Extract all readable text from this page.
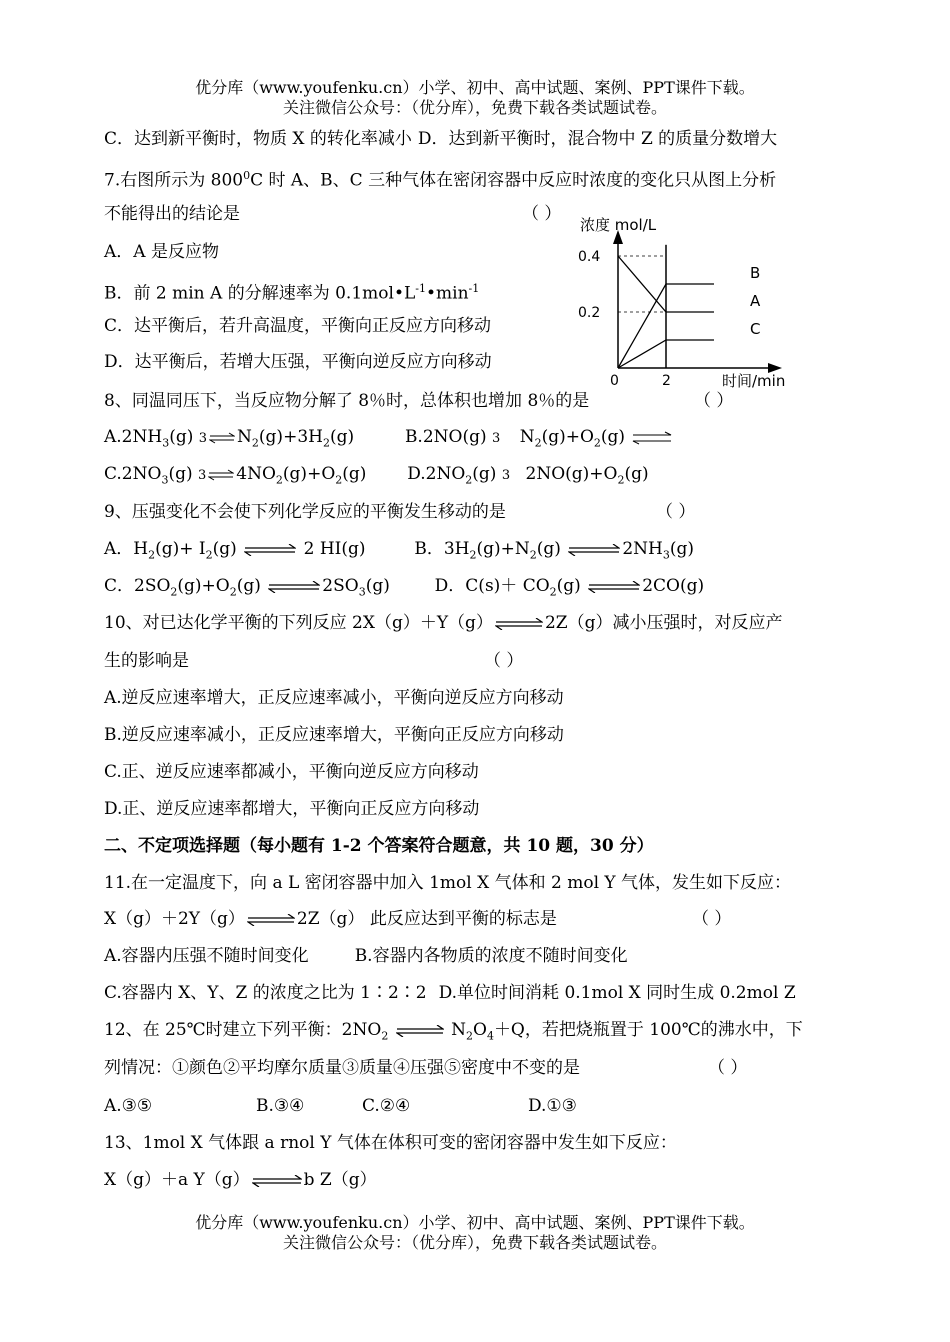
优分库（www.youfenku.cn）小学、初中、高中试题、案例、PPT课件下载。
关注微信公众号：（优分库），免费下载各类试题试卷。
C．达到新平衡时，物质 X 的转化率减小 D．达到新平衡时，混合物中 Z 的质量分数增大
7.右图所示为 $800^0C$ 时 A、B、C 三种气体在密闭容器中反应时浓度的变化只从图上分析
不能得出的结论是	（ ）
A．A 是反应物
B．前 2 min A 的分解速率为 $0.1mol•L^{-1}•\min^{-1}$
C．达平衡后，若升高温度，平衡向正反应方向移动
D．达平衡后，若增大压强，平衡向逆反应方向移动
0.2
0.4
2
0
浓度 mol/L
时间/min
A
B
C
8、同温同压下，当反应物分解了 8％时，总体积也增加 8％的是	（ ）
$A.2NH_3(g)$ 3 ⇌ $N_2(g)+3H_2(g)$	B.2NO(g) 3 $N_2(g)+O_2(g)$ ⇌
$C.2NO_3(g)$ 3 ⇌ $4NO_2(g)+O_2(g)$ $D.2NO_2(g)$ 3 $2NO(g)+O_2(g)$
9、压强变化不会使下列化学反应的平衡发生移动的是	（ ）
A．$H_2(g)+ I_2(g)$ ⇌ 2 HI(g)	B．$3H_2(g)+N_2(g)$ ⇌ $2NH_3(g)$
C．$2SO_2(g)+O_2(g)$ ⇌ $2SO_3(g)$	D．$C(s)+ CO_2(g)$ ⇌ 2CO(g)
10、对已达化学平衡的下列反应 2X（g）＋Y（g） ⇌ 2Z（g）减小压强时，对反应产
生的影响是	（ ）
A.逆反应速率增大，正反应速率减小，平衡向逆反应方向移动
B.逆反应速率减小，正反应速率增大，平衡向正反应方向移动
C.正、逆反应速率都减小，平衡向逆反应方向移动
D.正、逆反应速率都增大，平衡向正反应方向移动
二、不定项选择题（每小题有 1-2 个答案符合题意，共 10 题，30 分）
11.在一定温度下，向 a L 密闭容器中加入 1mol X 气体和 2 mol Y 气体，发生如下反应：
X（g）＋2Y（g） ⇌ 2Z（g） 此反应达到平衡的标志是	（ ）
A.容器内压强不随时间变化	B.容器内各物质的浓度不随时间变化
C.容器内 X、Y、Z 的浓度之比为 1∶2∶2 D.单位时间消耗 0.1mol X 同时生成 0.2mol Z
12、在 25℃时建立下列平衡：$2NO_2$ ⇌ $N_2O_4+Q$，若把烧瓶置于 100℃的沸水中，下
列情况：①颜色②平均摩尔质量③质量④压强⑤密度中不变的是	（ ）
A.③⑤	B.③④	C.②④	D.①③
13、1mol X 气体跟 a rnol Y 气体在体积可变的密闭容器中发生如下反应：
X（g）＋a Y（g） ⇌ b Z（g）
优分库（www.youfenku.cn）小学、初中、高中试题、案例、PPT课件下载。
关注微信公众号：（优分库），免费下载各类试题试卷。
